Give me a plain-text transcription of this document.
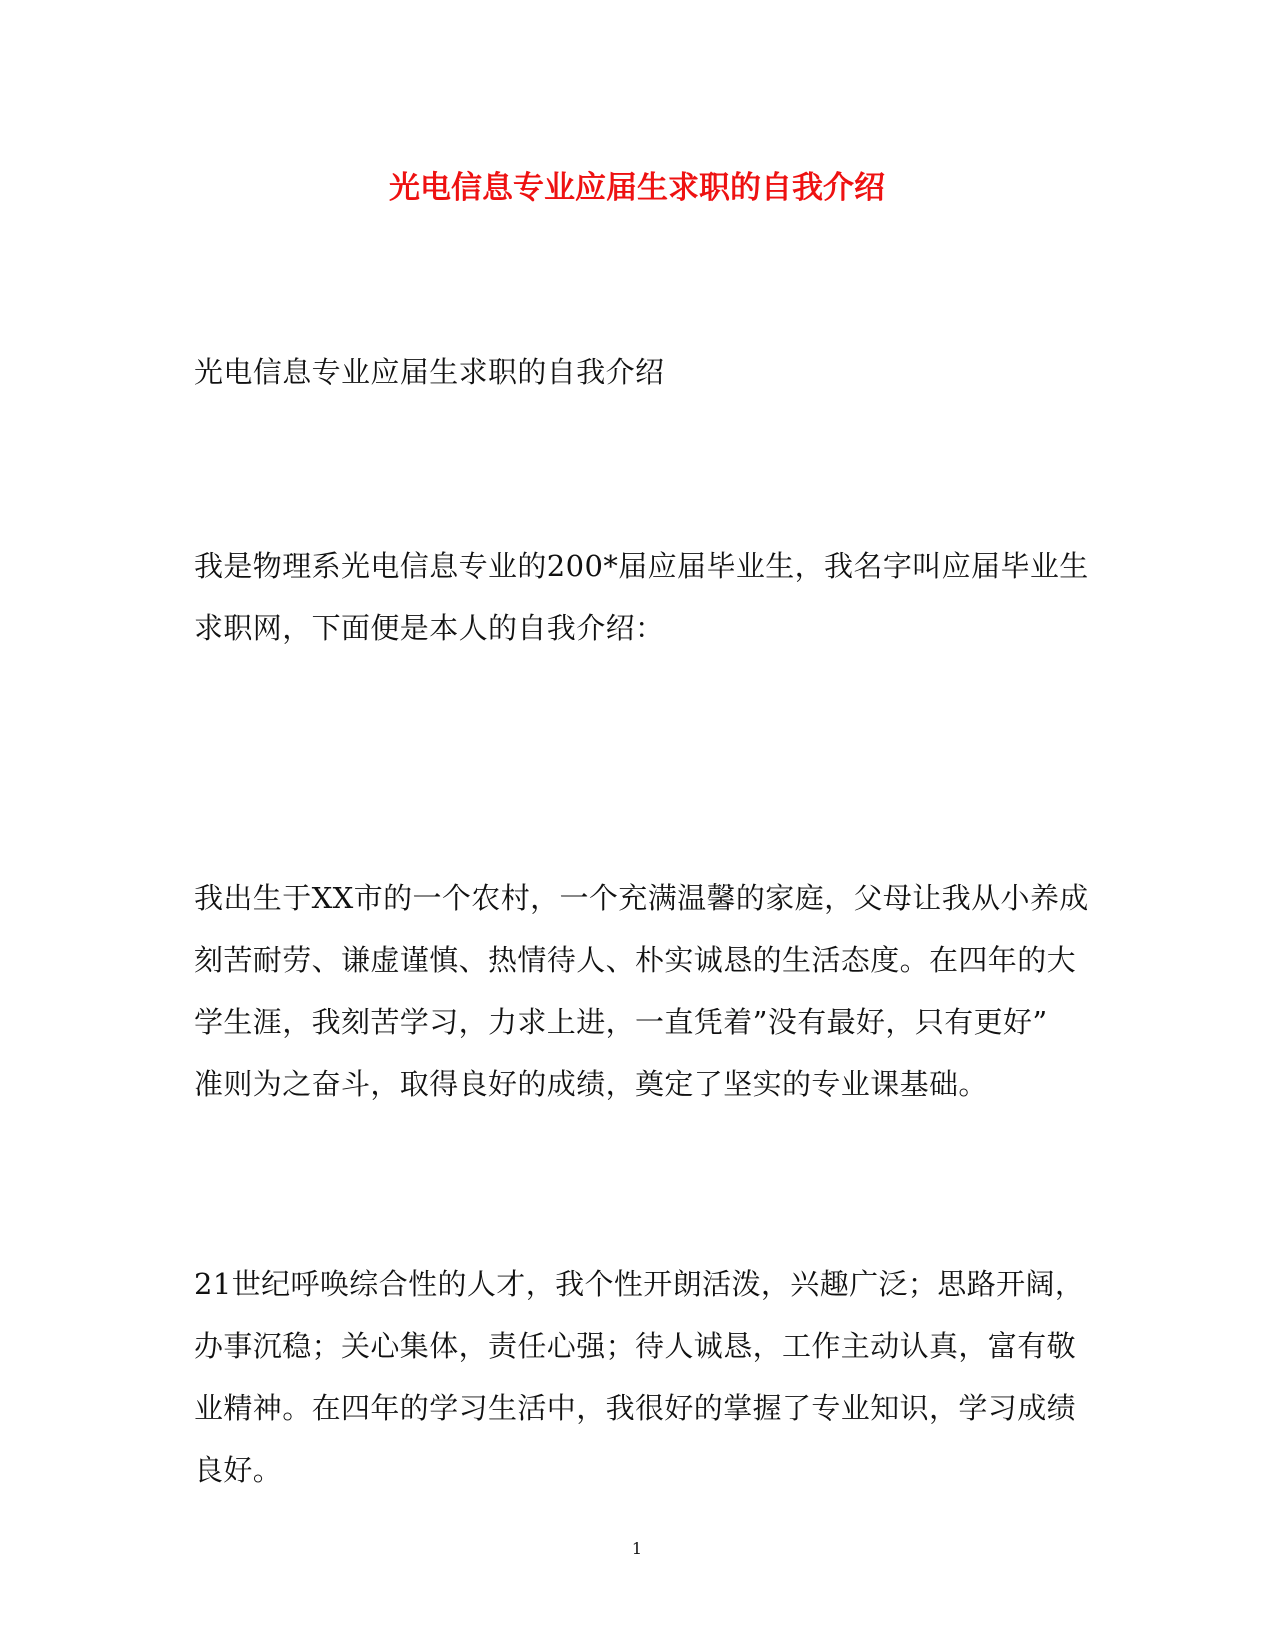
光电信息专业应届生求职的自我介绍
光电信息专业应届生求职的自我介绍
我是物理系光电信息专业的200*届应届毕业生，我名字叫应届毕业生
求职网，下面便是本人的自我介绍：
我出生于XX市的一个农村，一个充满温馨的家庭，父母让我从小养成
刻苦耐劳、谦虚谨慎、热情待人、朴实诚恳的生活态度。在四年的大
学生涯，我刻苦学习，力求上进，一直凭着”没有最好，只有更好”
准则为之奋斗，取得良好的成绩，奠定了坚实的专业课基础。
21世纪呼唤综合性的人才，我个性开朗活泼，兴趣广泛；思路开阔，
办事沉稳；关心集体，责任心强；待人诚恳，工作主动认真，富有敬
业精神。在四年的学习生活中，我很好的掌握了专业知识，学习成绩
良好。
1
